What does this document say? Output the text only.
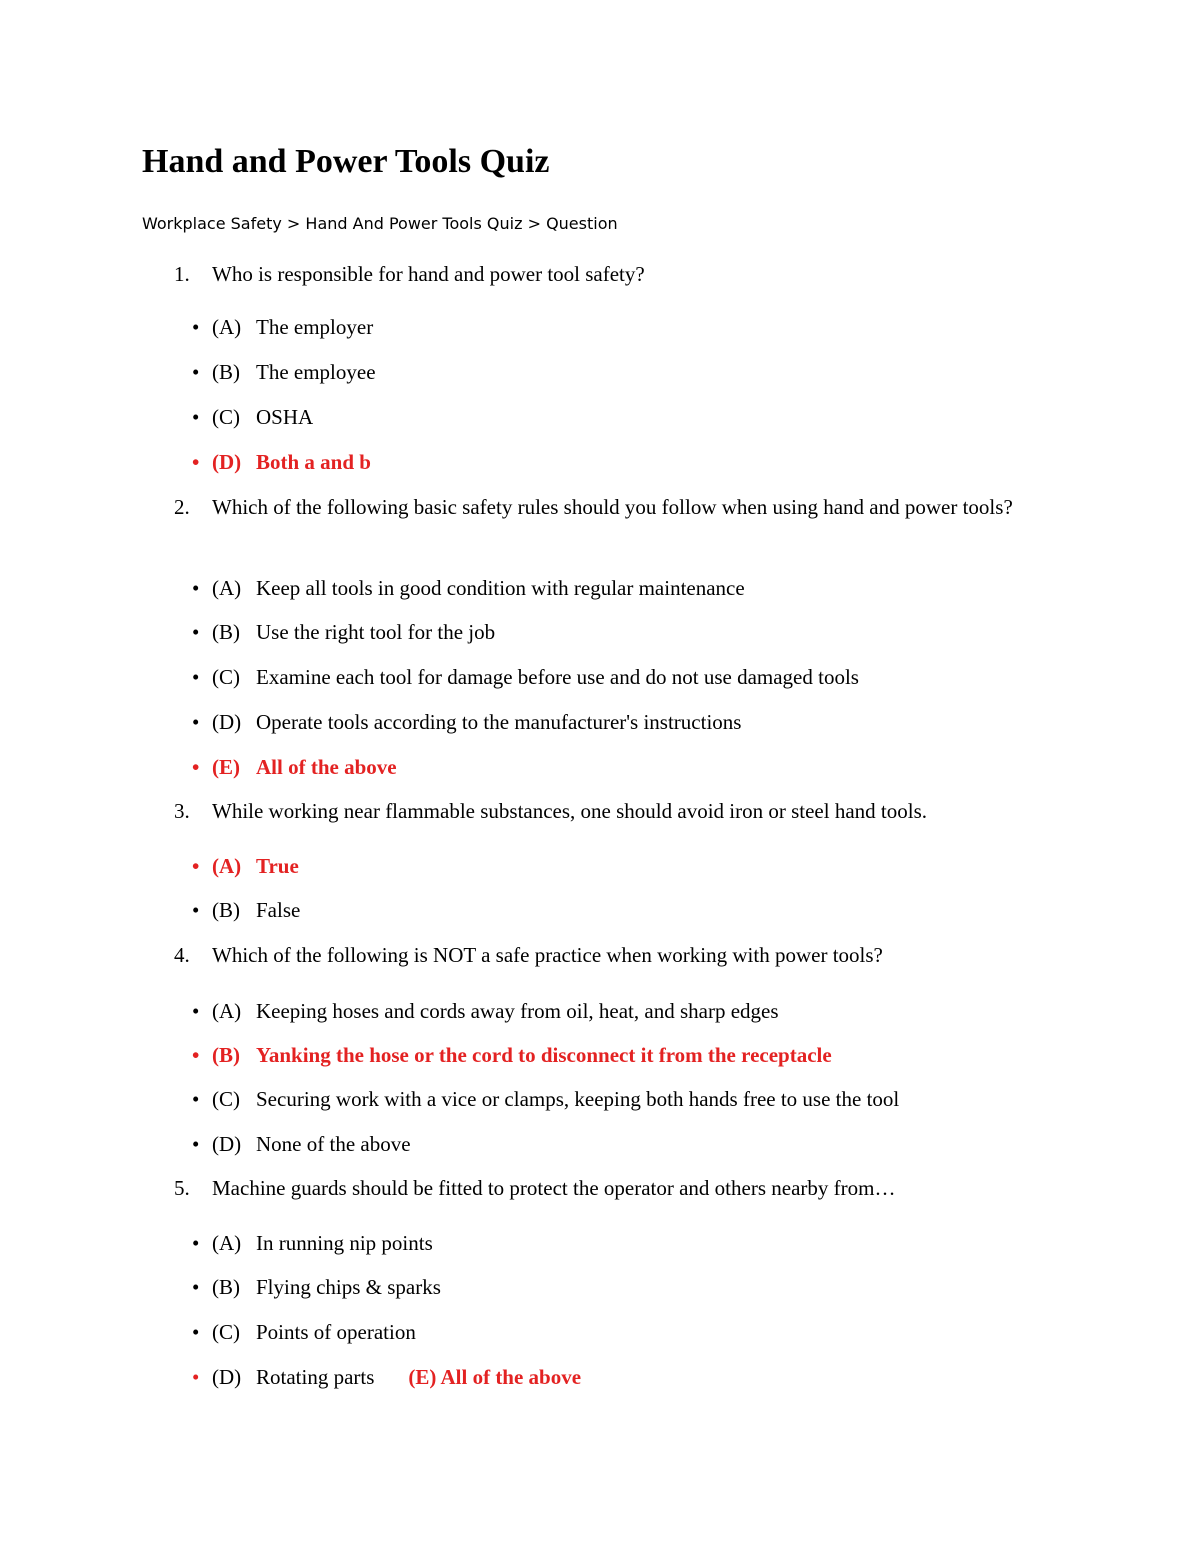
Hand and Power Tools Quiz
Workplace Safety > Hand And Power Tools Quiz > Question
1. Who is responsible for hand and power tool safety?
• (A) The employer
• (B) The employee
• (C) OSHA
• (D) Both a and b
2. Which of the following basic safety rules should you follow when using hand and power tools?
• (A) Keep all tools in good condition with regular maintenance
• (B) Use the right tool for the job
• (C) Examine each tool for damage before use and do not use damaged tools
• (D) Operate tools according to the manufacturer's instructions
• (E) All of the above
3. While working near flammable substances, one should avoid iron or steel hand tools.
• (A) True
• (B) False
4. Which of the following is NOT a safe practice when working with power tools?
• (A) Keeping hoses and cords away from oil, heat, and sharp edges
• (B) Yanking the hose or the cord to disconnect it from the receptacle
• (C) Securing work with a vice or clamps, keeping both hands free to use the tool
• (D) None of the above
5. Machine guards should be fitted to protect the operator and others nearby from…
• (A) In running nip points
• (B) Flying chips & sparks
• (C) Points of operation
• (D) Rotating parts (E) All of the above
